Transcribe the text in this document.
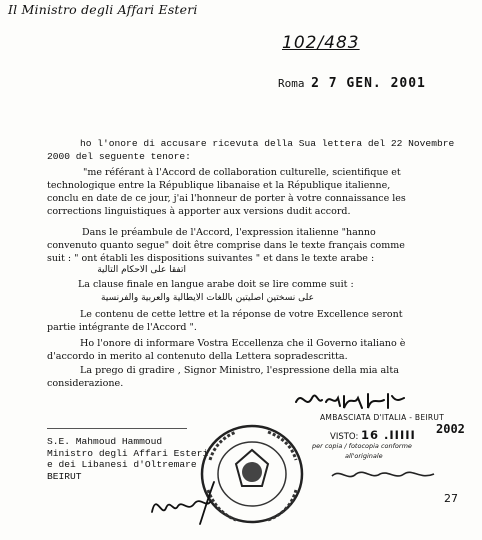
Il Ministro degli Affari Esteri
102/483
Roma 2 7 GEN. 2001
ho l'onore di accusare ricevuta della Sua lettera del 22 Novembre
2000 del seguente tenore:
"me référant à l'Accord de collaboration culturelle, scientifique et
technologique entre la République libanaise et la République italienne,
conclu en date de ce jour, j'ai l'honneur de porter à votre connaissance les
corrections linguistiques à apporter aux versions dudit accord.
Dans le préambule de l'Accord, l'expression italienne "hanno
convenuto quanto segue" doit être comprise dans le texte français comme
suit : " ont établi les dispositions suivantes " et dans le texte arabe :
اتفقا على الاحكام التالية
La clause finale en langue arabe doit se lire comme suit :
على نسختين اصليتين باللغات الايطالية والعربية والفرنسية
Le contenu de cette lettre et la réponse de votre Excellence seront
partie intégrante de l'Accord ".
Ho l'onore di informare Vostra Eccellenza che il Governo italiano è
d'accordo in merito al contenuto della Lettera sopradescritta.
La prego di gradire , Signor Ministro, l'espressione della mia alta
considerazione.
AMBASCIATA D'ITALIA - BEIRUT
VISTO: 16 .IIIII 2002
per copia / fotocopia conforme
all'originale
S.E. Mahmoud Hammoud
Ministro degli Affari Esteri
e dei Libanesi d'Oltremare
BEIRUT
27
